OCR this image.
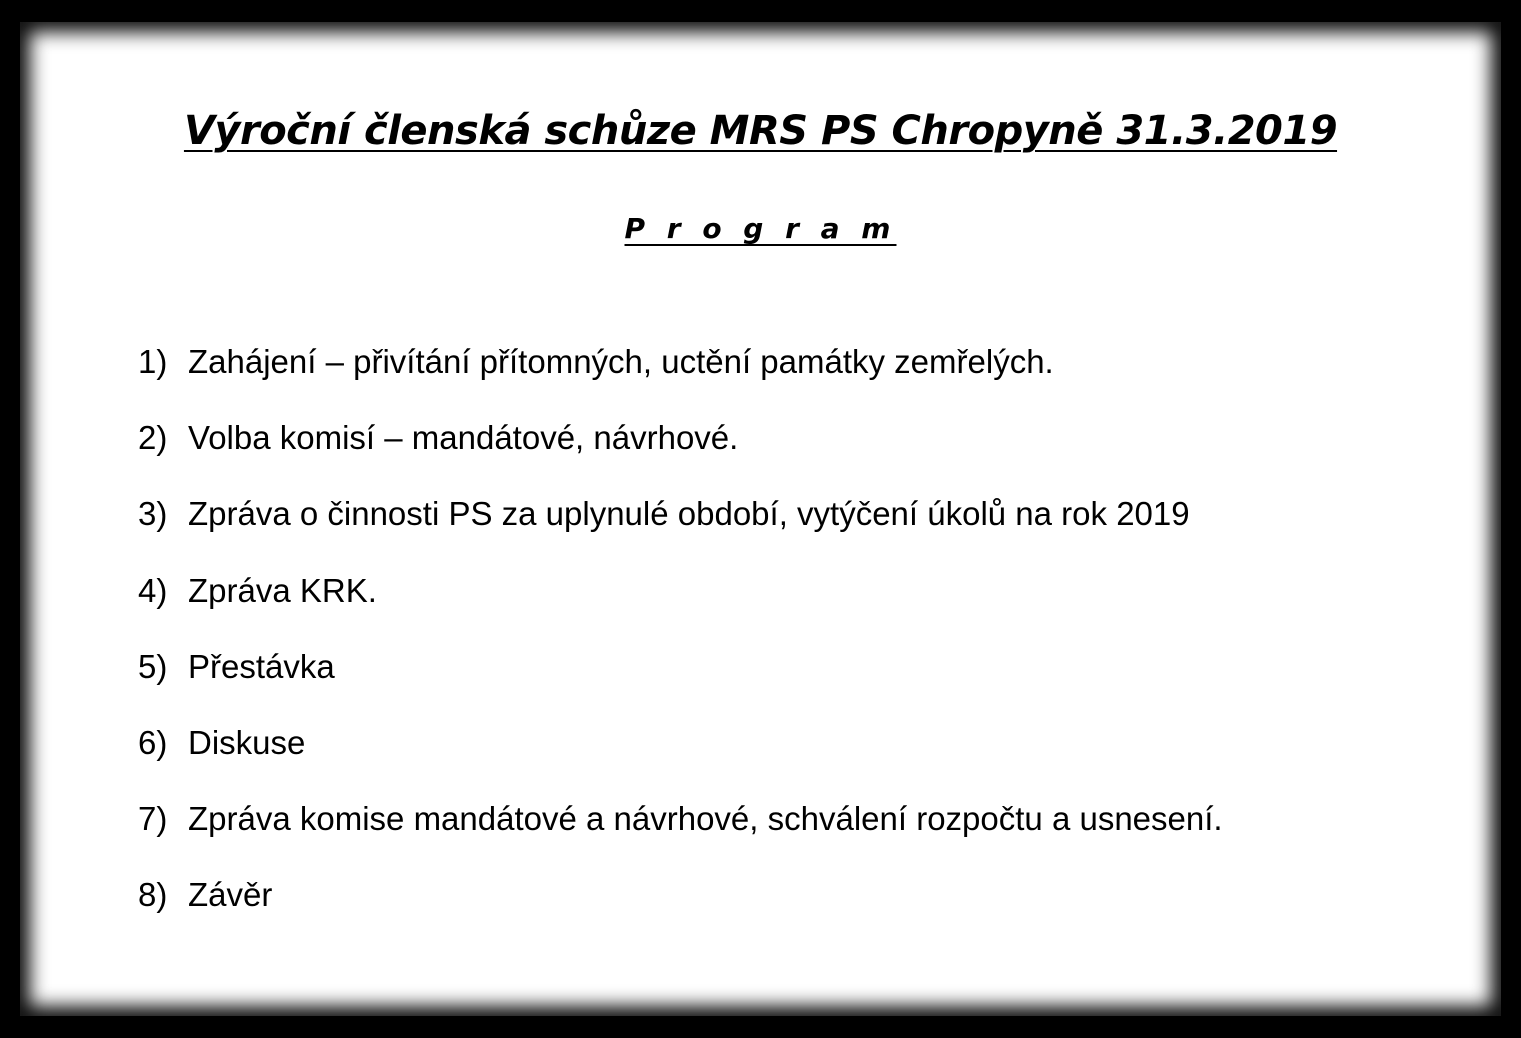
Výroční členská schůze MRS PS Chropyně 31.3.2019
P r o g r a m
1) Zahájení – přivítání přítomných, uctění památky zemřelých.
2) Volba komisí – mandátové, návrhové.
3) Zpráva o činnosti PS za uplynulé období, vytýčení úkolů na rok 2019
4) Zpráva KRK.
5) Přestávka
6) Diskuse
7) Zpráva komise mandátové a návrhové, schválení rozpočtu a usnesení.
8) Závěr
